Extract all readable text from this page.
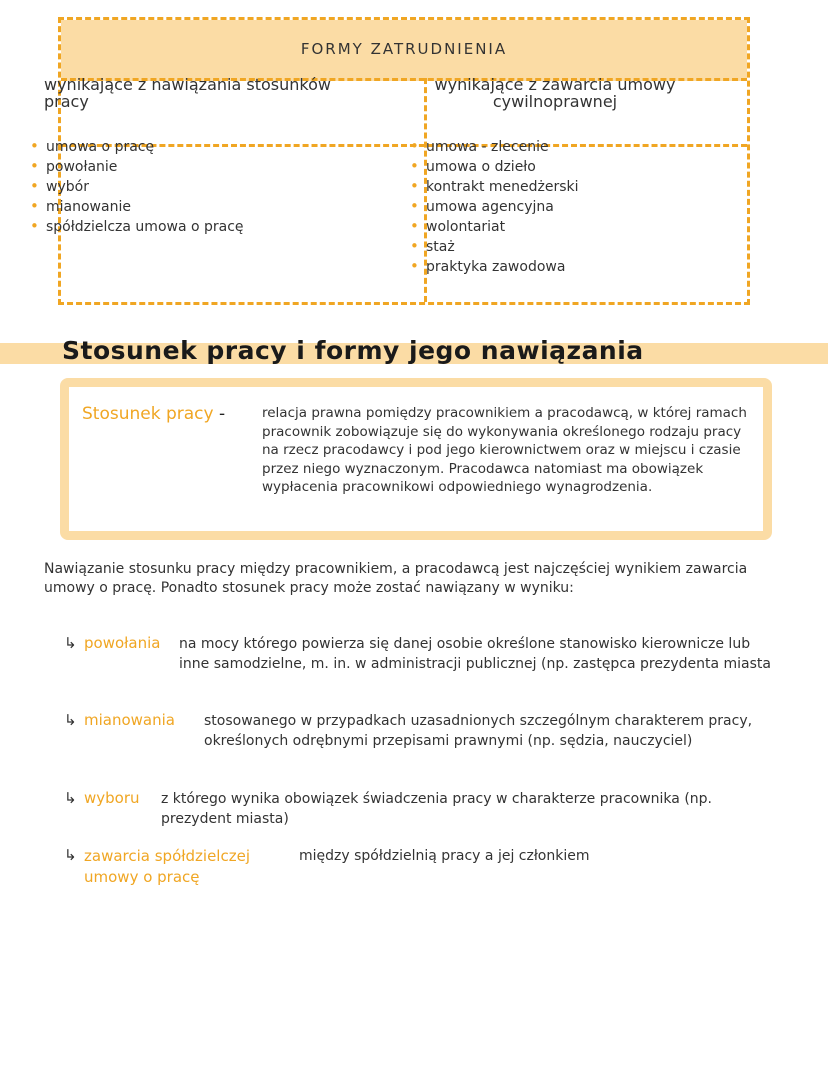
FORMY ZATRUDNIENIA
wynikające z nawiązania stosunków pracy
wynikające z zawarcia umowy cywilnoprawnej
• umowa o pracę
• powołanie
• wybór
• mianowanie
• spółdzielcza umowa o pracę
• umowa - zlecenie
• umowa o dzieło
• kontrakt menedżerski
• umowa agencyjna
• wolontariat
• staż
• praktyka zawodowa
Stosunek pracy i formy jego nawiązania
Stosunek pracy -	relacja prawna pomiędzy pracownikiem a pracodawcą, w której ramach pracownik zobowiązuje się do wykonywania określonego rodzaju pracy na rzecz pracodawcy i pod jego kierownictwem oraz w miejscu i czasie przez niego wyznaczonym. Pracodawca natomiast ma obowiązek wypłacenia pracownikowi odpowiedniego wynagrodzenia.
Nawiązanie stosunku pracy między pracownikiem, a pracodawcą jest najczęściej wynikiem zawarcia umowy o pracę. Ponadto stosunek pracy może zostać nawiązany w wyniku:
↳ powołania na mocy którego powierza się danej osobie określone stanowisko kierownicze lub inne samodzielne, m. in. w administracji publicznej (np. zastępca prezydenta miasta
↳ mianowania stosowanego w przypadkach uzasadnionych szczególnym charakterem pracy, określonych odrębnymi przepisami prawnymi (np. sędzia, nauczyciel)
↳ wyboru z którego wynika obowiązek świadczenia pracy w charakterze pracownika (np. prezydent miasta)
↳ zawarcia spółdzielczej umowy o pracę
między spółdzielnią pracy a jej członkiem
